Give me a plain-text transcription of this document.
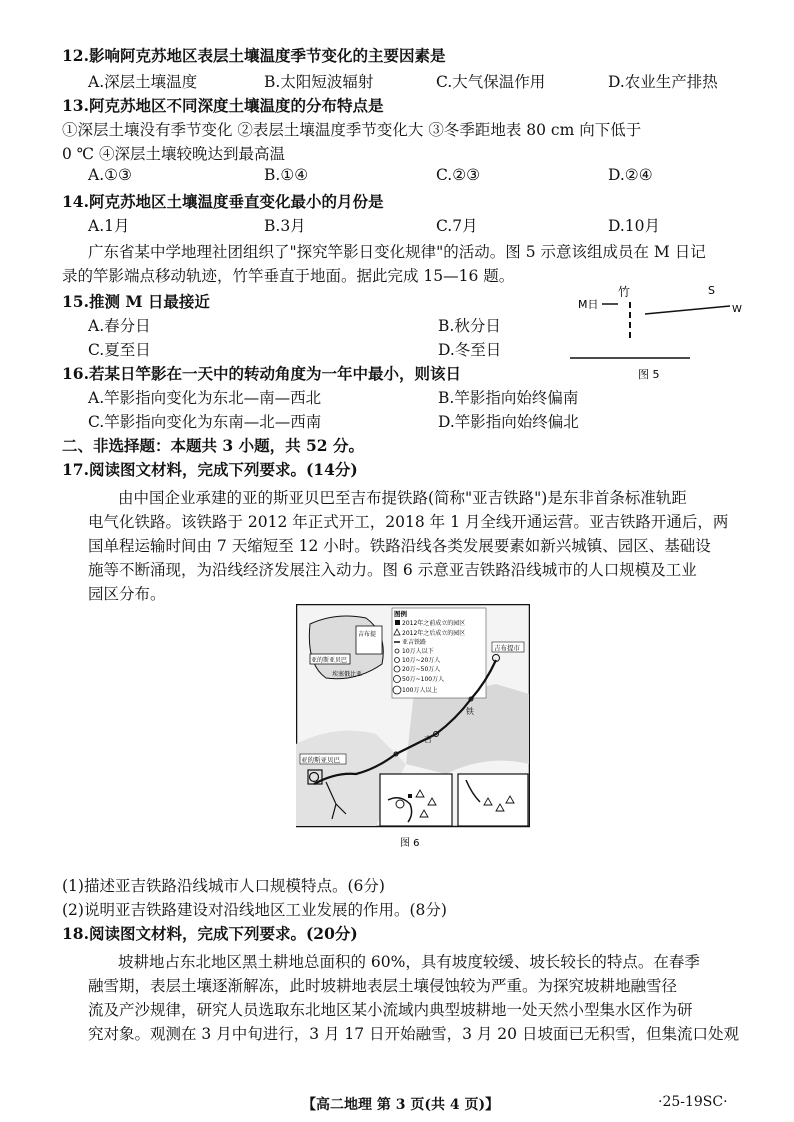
12.影响阿克苏地区表层土壤温度季节变化的主要因素是
A.深层土壤温度	B.太阳短波辐射	C.大气保温作用	D.农业生产排热
13.阿克苏地区不同深度土壤温度的分布特点是
①深层土壤没有季节变化 ②表层土壤温度季节变化大 ③冬季距地表 80 cm 向下低于
0 ℃ ④深层土壤较晚达到最高温
A.①③	B.①④	C.②③	D.②④
14.阿克苏地区土壤温度垂直变化最小的月份是
A.1月	B.3月	C.7月	D.10月
广东省某中学地理社团组织了"探究竿影日变化规律"的活动。图 5 示意该组成员在 M 日记
录的竿影端点移动轨迹，竹竿垂直于地面。据此完成 15—16 题。
竹
M日
S
W
图 5
15.推测 M 日最接近
A.春分日	B.秋分日
C.夏至日	D.冬至日
16.若某日竿影在一天中的转动角度为一年中最小，则该日
A.竿影指向变化为东北—南—西北	B.竿影指向始终偏南
C.竿影指向变化为东南—北—西南	D.竿影指向始终偏北
二、非选择题：本题共 3 小题，共 52 分。
17.阅读图文材料，完成下列要求。(14分)
由中国企业承建的亚的斯亚贝巴至吉布提铁路(简称"亚吉铁路")是东非首条标准轨距
电气化铁路。该铁路于 2012 年正式开工，2018 年 1 月全线开通运营。亚吉铁路开通后，两
国单程运输时间由 7 天缩短至 12 小时。铁路沿线各类发展要素如新兴城镇、园区、基础设
施等不断涌现，为沿线经济发展注入动力。图 6 示意亚吉铁路沿线城市的人口规模及工业
园区分布。
吉布提
亚的斯亚贝巴
埃塞俄比亚
图例
2012年之前成立的园区
2012年之后成立的园区
亚吉铁路
10万人以下
10万~20万人
20万~50万人
50万~100万人
100万人以上
吉布提市
铁
吉
亚的斯亚贝巴
图 6
(1)描述亚吉铁路沿线城市人口规模特点。(6分)
(2)说明亚吉铁路建设对沿线地区工业发展的作用。(8分)
18.阅读图文材料，完成下列要求。(20分)
坡耕地占东北地区黑土耕地总面积的 60%，具有坡度较缓、坡长较长的特点。在春季
融雪期，表层土壤逐渐解冻，此时坡耕地表层土壤侵蚀较为严重。为探究坡耕地融雪径
流及产沙规律，研究人员选取东北地区某小流域内典型坡耕地一处天然小型集水区作为研
究对象。观测在 3 月中旬进行，3 月 17 日开始融雪，3 月 20 日坡面已无积雪，但集流口处观
【高二地理 第 3 页(共 4 页)】	·25-19SC·
